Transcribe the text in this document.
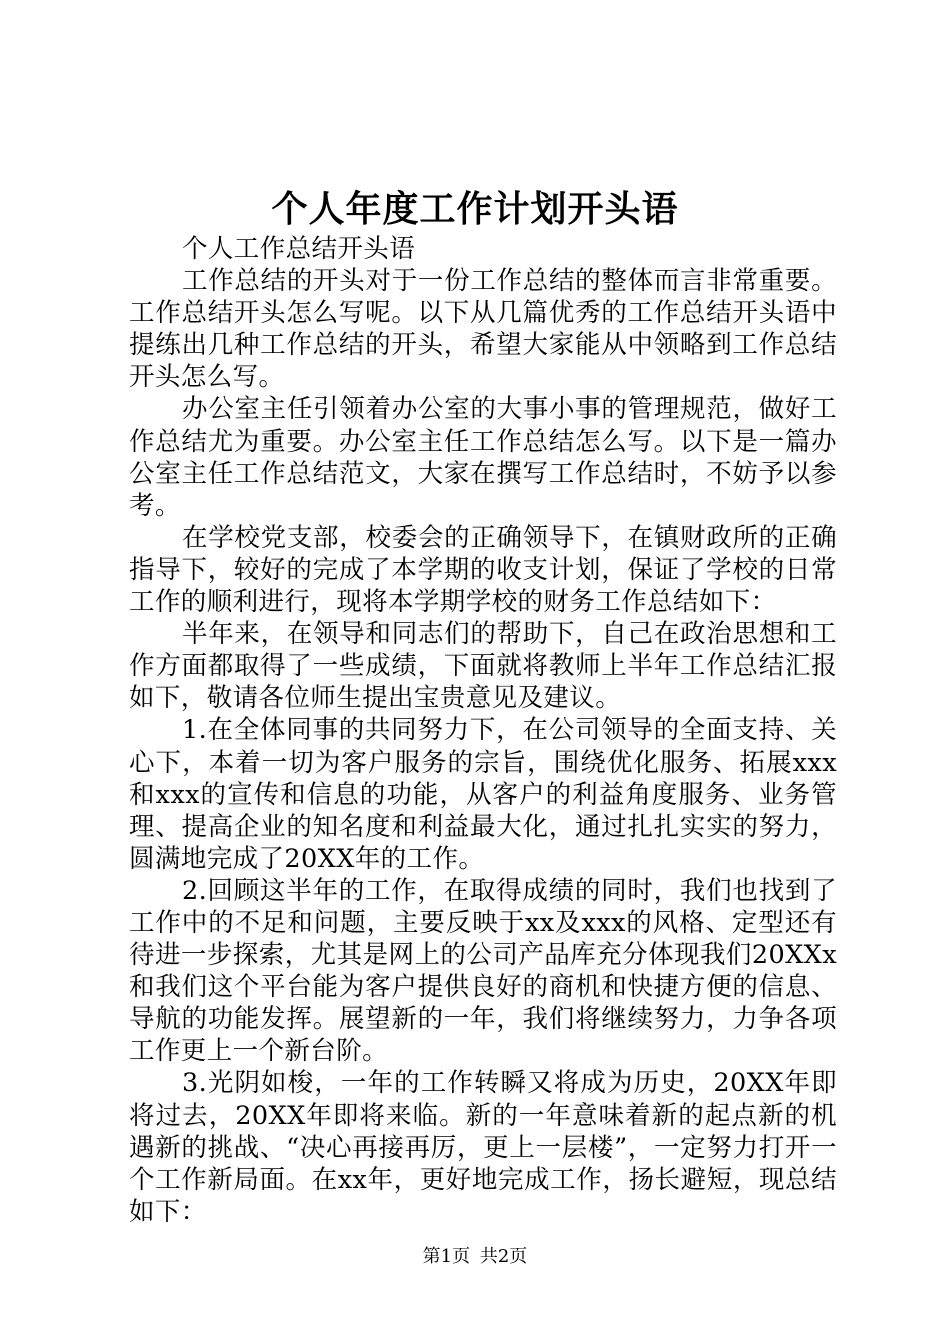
个人年度工作计划开头语

个人工作总结开头语

工作总结的开头对于一份工作总结的整体而言非常重要。工作总结开头怎么写呢。以下从几篇优秀的工作总结开头语中提练出几种工作总结的开头，希望大家能从中领略到工作总结开头怎么写。

办公室主任引领着办公室的大事小事的管理规范，做好工作总结尤为重要。办公室主任工作总结怎么写。以下是一篇办公室主任工作总结范文，大家在撰写工作总结时，不妨予以参考。

在学校党支部，校委会的正确领导下，在镇财政所的正确指导下，较好的完成了本学期的收支计划，保证了学校的日常工作的顺利进行，现将本学期学校的财务工作总结如下：

半年来，在领导和同志们的帮助下，自己在政治思想和工作方面都取得了一些成绩，下面就将教师上半年工作总结汇报如下，敬请各位师生提出宝贵意见及建议。

1.在全体同事的共同努力下，在公司领导的全面支持、关心下，本着一切为客户服务的宗旨，围绕优化服务、拓展xxx和xxx的宣传和信息的功能，从客户的利益角度服务、业务管理、提高企业的知名度和利益最大化，通过扎扎实实的努力，圆满地完成了20XX年的工作。

2.回顾这半年的工作，在取得成绩的同时，我们也找到了工作中的不足和问题，主要反映于xx及xxx的风格、定型还有待进一步探索，尤其是网上的公司产品库充分体现我们20XXx和我们这个平台能为客户提供良好的商机和快捷方便的信息、导航的功能发挥。展望新的一年，我们将继续努力，力争各项工作更上一个新台阶。

3.光阴如梭，一年的工作转瞬又将成为历史，20XX年即将过去，20XX年即将来临。新的一年意味着新的起点新的机遇新的挑战、“决心再接再厉，更上一层楼”，一定努力打开一个工作新局面。在xx年，更好地完成工作，扬长避短，现总结如下：

第1页 共2页
